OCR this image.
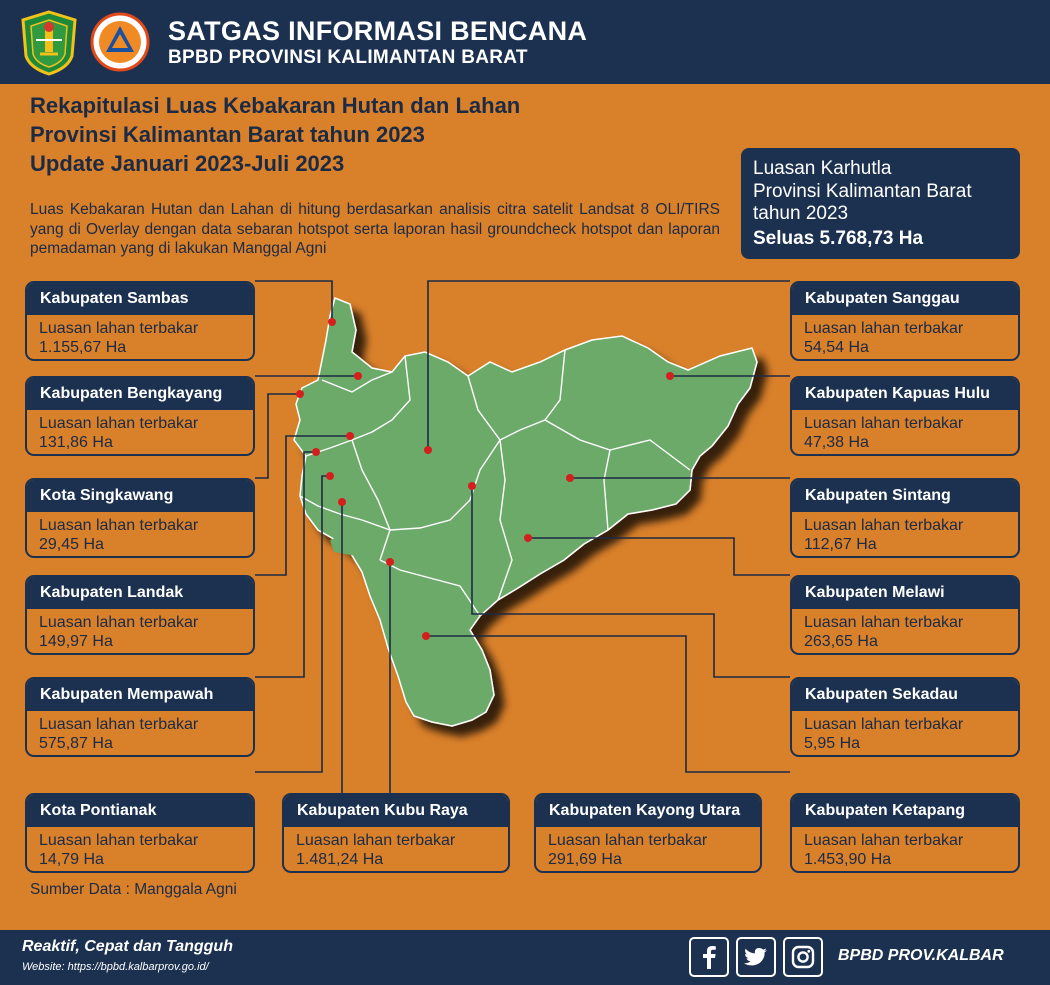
SATGAS INFORMASI BENCANA
BPBD PROVINSI KALIMANTAN BARAT
Rekapitulasi Luas Kebakaran Hutan dan Lahan
Provinsi Kalimantan Barat tahun 2023
Update Januari 2023-Juli 2023
Luas Kebakaran Hutan dan Lahan di hitung berdasarkan analisis citra satelit Landsat 8 OLI/TIRS yang di Overlay dengan data sebaran hotspot serta laporan hasil groundcheck hotspot dan laporan pemadaman yang di lakukan Manggal Agni
Luasan Karhutla
Provinsi Kalimantan Barat
tahun 2023
Seluas 5.768,73 Ha
Kabupaten Sambas
Luasan lahan terbakar
1.155,67 Ha
Kabupaten Bengkayang
Luasan lahan terbakar
131,86 Ha
Kota Singkawang
Luasan lahan terbakar
29,45 Ha
Kabupaten Landak
Luasan lahan terbakar
149,97 Ha
Kabupaten Mempawah
Luasan lahan terbakar
575,87 Ha
Kota Pontianak
Luasan lahan terbakar
14,79 Ha
Kabupaten Kubu Raya
Luasan lahan terbakar
1.481,24 Ha
Kabupaten Kayong Utara
Luasan lahan terbakar
291,69 Ha
Kabupaten Sanggau
Luasan lahan terbakar
54,54 Ha
Kabupaten Kapuas Hulu
Luasan lahan terbakar
47,38 Ha
Kabupaten Sintang
Luasan lahan terbakar
112,67 Ha
Kabupaten Melawi
Luasan lahan terbakar
263,65 Ha
Kabupaten Sekadau
Luasan lahan terbakar
5,95 Ha
Kabupaten Ketapang
Luasan lahan terbakar
1.453,90 Ha
Sumber Data : Manggala Agni
Reaktif, Cepat dan Tangguh
Website: https://bpbd.kalbarprov.go.id/
BPBD PROV.KALBAR
